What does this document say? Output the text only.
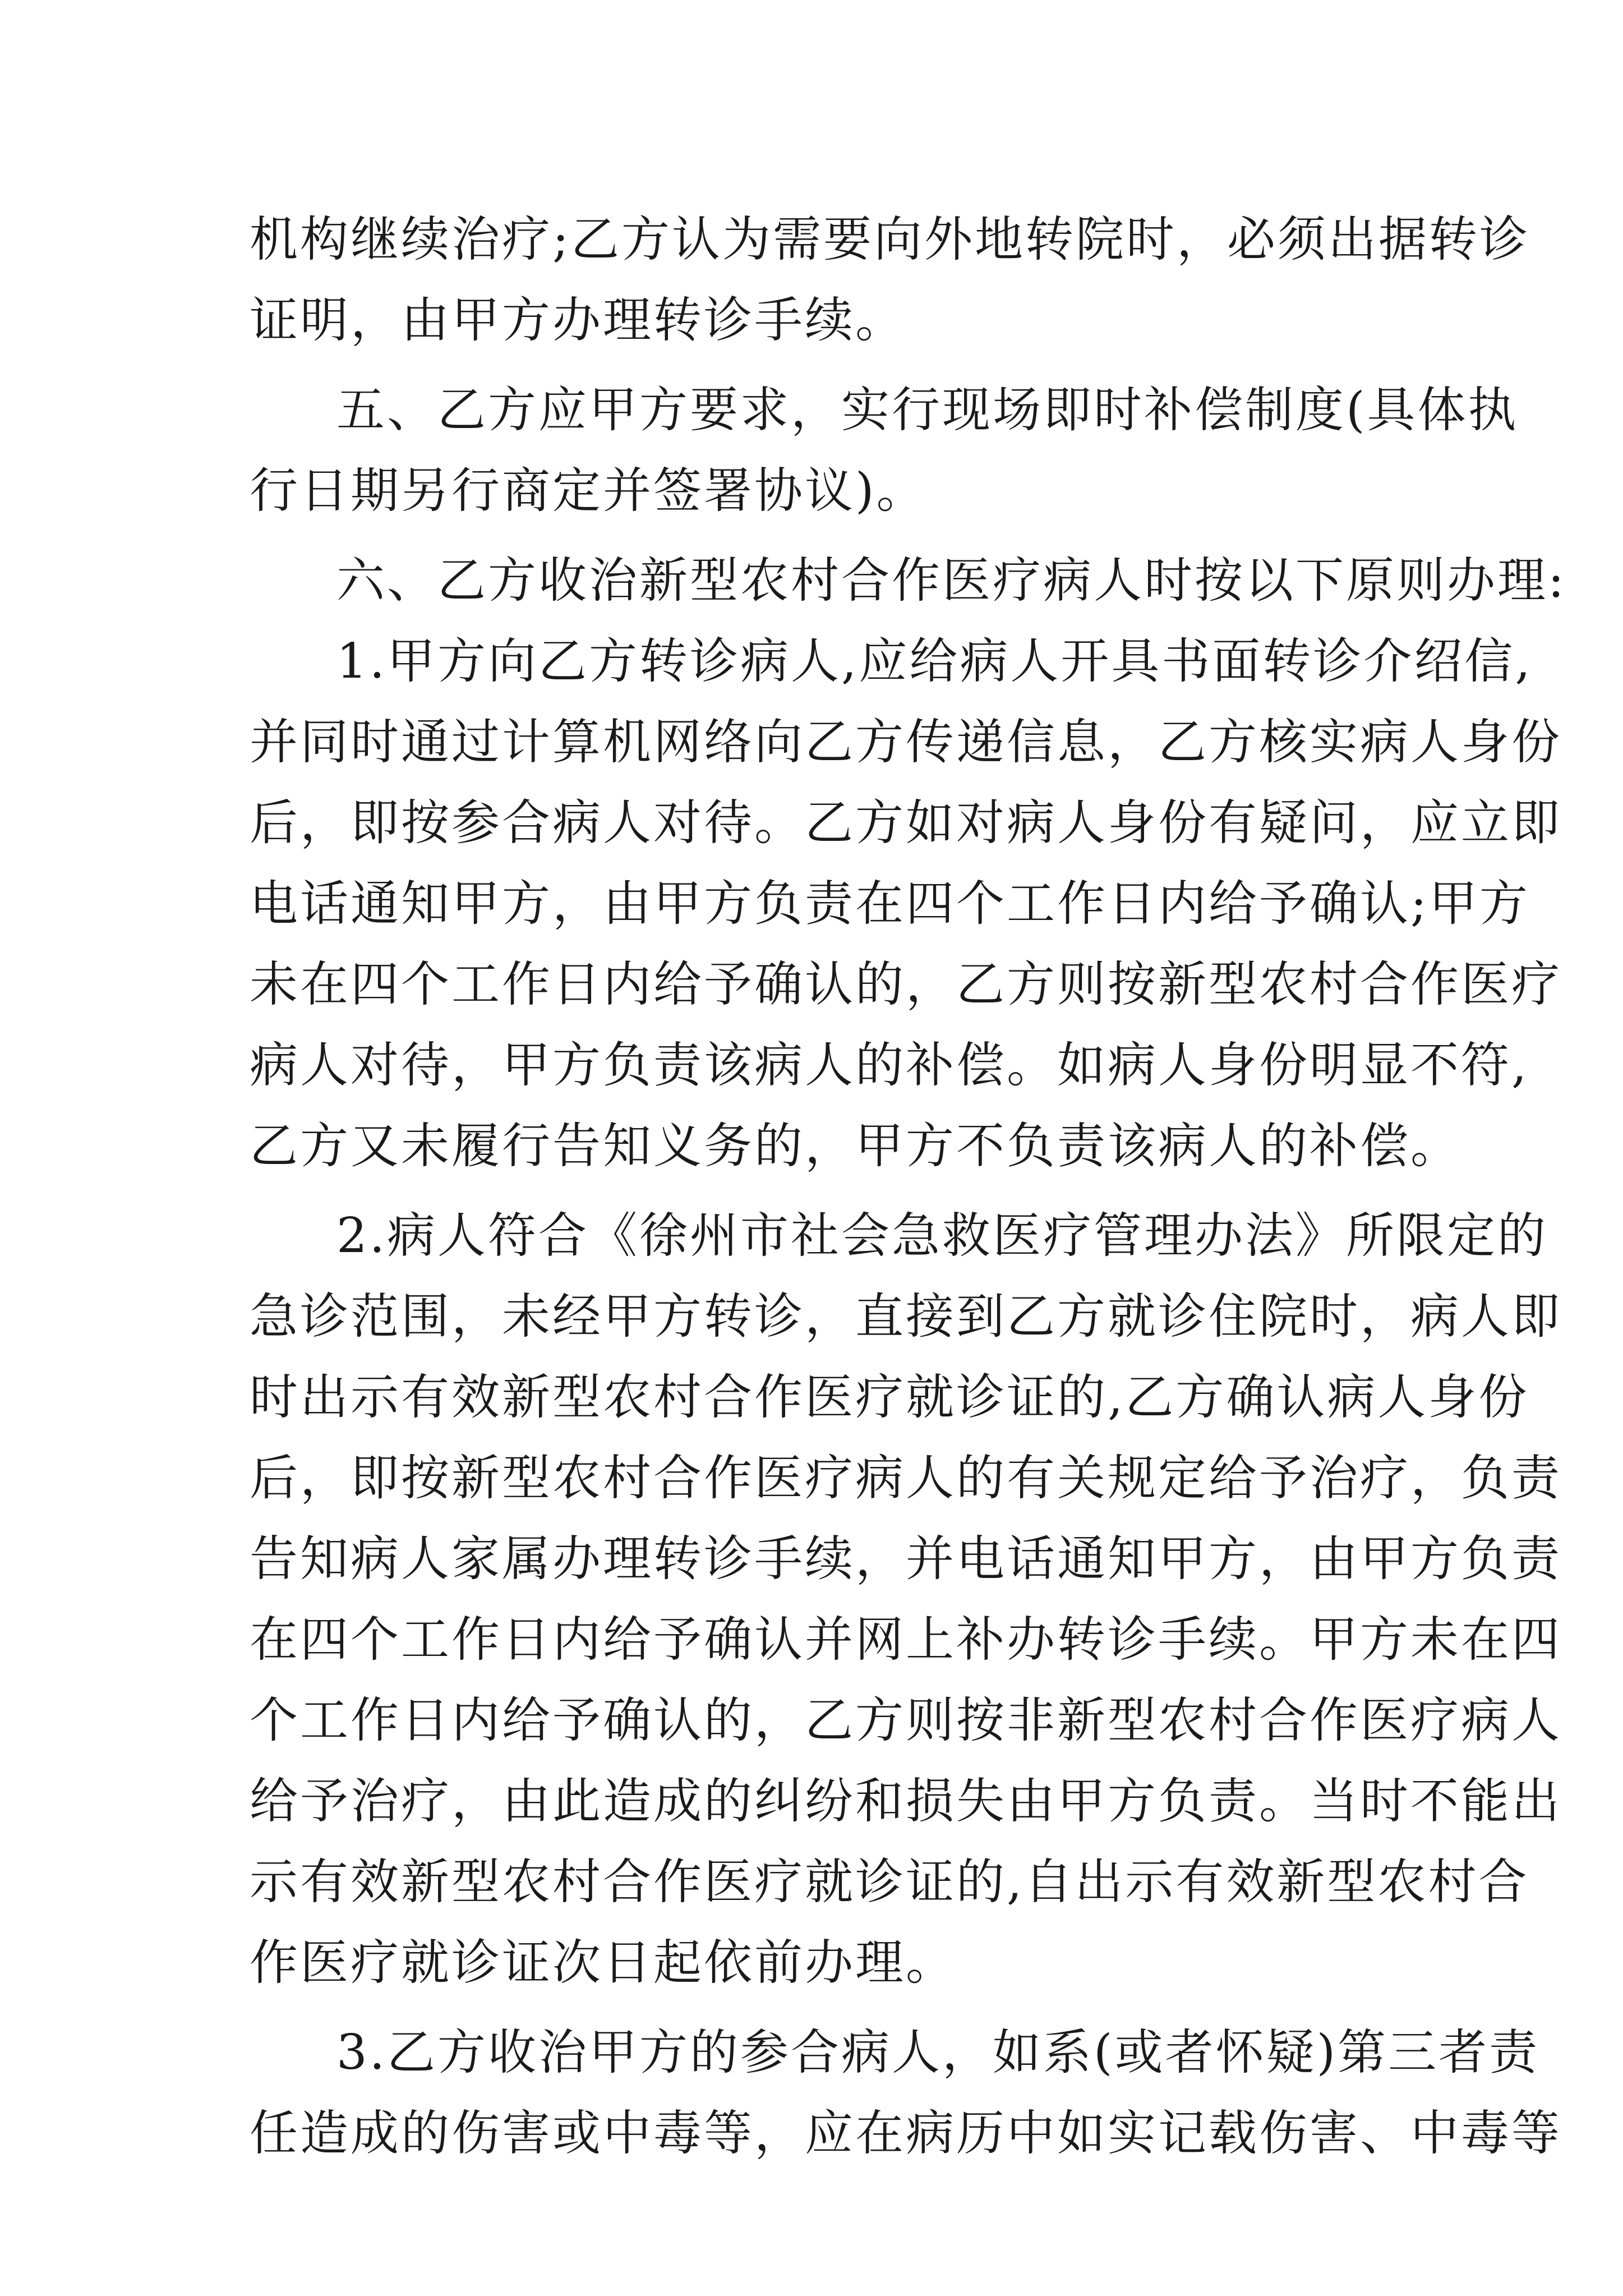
机构继续治疗;乙方认为需要向外地转院时，必须出据转诊
证明，由甲方办理转诊手续。
五、乙方应甲方要求，实行现场即时补偿制度(具体执
行日期另行商定并签署协议)。
六、乙方收治新型农村合作医疗病人时按以下原则办理:
1.甲方向乙方转诊病人,应给病人开具书面转诊介绍信,
并同时通过计算机网络向乙方传递信息，乙方核实病人身份
后，即按参合病人对待。乙方如对病人身份有疑问，应立即
电话通知甲方，由甲方负责在四个工作日内给予确认;甲方
未在四个工作日内给予确认的，乙方则按新型农村合作医疗
病人对待，甲方负责该病人的补偿。如病人身份明显不符,
乙方又未履行告知义务的，甲方不负责该病人的补偿。
2.病人符合《徐州市社会急救医疗管理办法》所限定的
急诊范围，未经甲方转诊，直接到乙方就诊住院时，病人即
时出示有效新型农村合作医疗就诊证的,乙方确认病人身份
后，即按新型农村合作医疗病人的有关规定给予治疗，负责
告知病人家属办理转诊手续，并电话通知甲方，由甲方负责
在四个工作日内给予确认并网上补办转诊手续。甲方未在四
个工作日内给予确认的，乙方则按非新型农村合作医疗病人
给予治疗，由此造成的纠纷和损失由甲方负责。当时不能出
示有效新型农村合作医疗就诊证的,自出示有效新型农村合
作医疗就诊证次日起依前办理。
3.乙方收治甲方的参合病人，如系(或者怀疑)第三者责
任造成的伤害或中毒等，应在病历中如实记载伤害、中毒等
